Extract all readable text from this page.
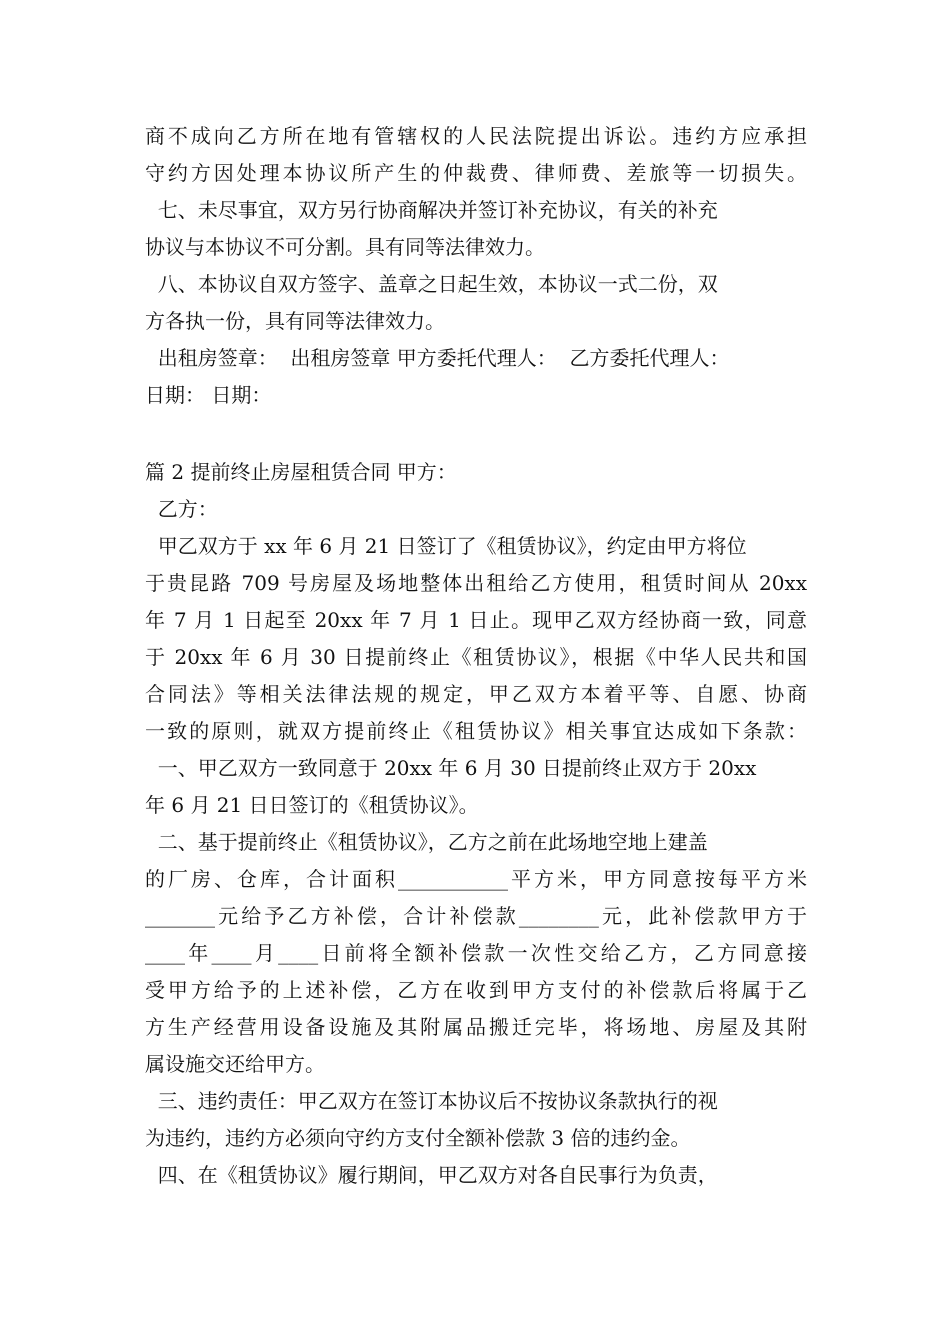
商不成向乙方所在地有管辖权的人民法院提出诉讼。违约方应承担
守约方因处理本协议所产生的仲裁费、律师费、差旅等一切损失。
七、未尽事宜，双方另行协商解决并签订补充协议，有关的补充
协议与本协议不可分割。具有同等法律效力。
八、本协议自双方签字、盖章之日起生效，本协议一式二份，双
方各执一份，具有同等法律效力。
出租房签章：  出租房签章 甲方委托代理人：  乙方委托代理人：
日期： 日期：
篇 2 提前终止房屋租赁合同 甲方：
乙方：
甲乙双方于 xx 年 6 月 21 日签订了《租赁协议》，约定由甲方将位
于贵昆路 709 号房屋及场地整体出租给乙方使用，租赁时间从 20xx
年 7 月 1 日起至 20xx 年 7 月 1 日止。现甲乙双方经协商一致，同意
于 20xx 年 6 月 30 日提前终止《租赁协议》，根据《中华人民共和国
合同法》等相关法律法规的规定，甲乙双方本着平等、自愿、协商
一致的原则，就双方提前终止《租赁协议》相关事宜达成如下条款：
一、甲乙双方一致同意于 20xx 年 6 月 30 日提前终止双方于 20xx
年 6 月 21 日日签订的《租赁协议》。
二、基于提前终止《租赁协议》，乙方之前在此场地空地上建盖
的厂房、仓库，合计面积___________平方米，甲方同意按每平方米
_______元给予乙方补偿，合计补偿款________元，此补偿款甲方于
____年____月____日前将全额补偿款一次性交给乙方，乙方同意接
受甲方给予的上述补偿，乙方在收到甲方支付的补偿款后将属于乙
方生产经营用设备设施及其附属品搬迁完毕，将场地、房屋及其附
属设施交还给甲方。
三、违约责任：甲乙双方在签订本协议后不按协议条款执行的视
为违约，违约方必须向守约方支付全额补偿款 3 倍的违约金。
四、在《租赁协议》履行期间，甲乙双方对各自民事行为负责，
